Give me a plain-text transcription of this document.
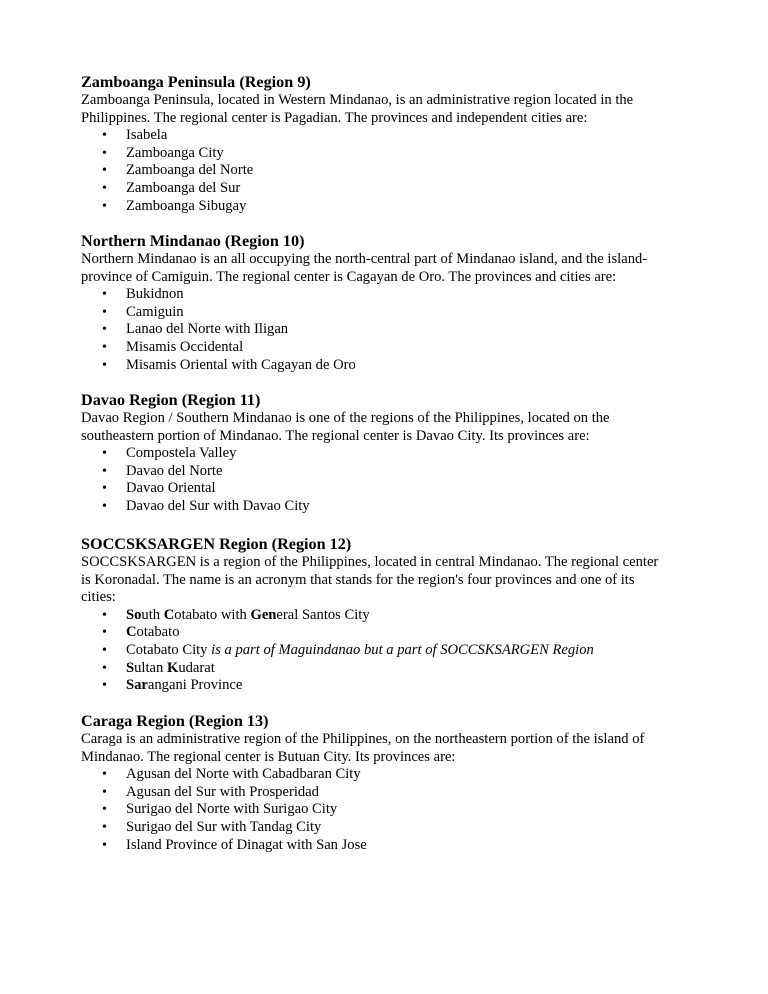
Zamboanga Peninsula (Region 9)

Zamboanga Peninsula, located in Western Mindanao, is an administrative region located in the
Philippines. The regional center is Pagadian. The provinces and independent cities are:

• Isabela
• Zamboanga City
• Zamboanga del Norte
• Zamboanga del Sur
• Zamboanga Sibugay

Northern Mindanao (Region 10)

Northern Mindanao is an all occupying the north-central part of Mindanao island, and the island-
province of Camiguin. The regional center is Cagayan de Oro. The provinces and cities are:

• Bukidnon
• Camiguin
• Lanao del Norte with Iligan
• Misamis Occidental
• Misamis Oriental with Cagayan de Oro

Davao Region (Region 11)

Davao Region / Southern Mindanao is one of the regions of the Philippines, located on the
southeastern portion of Mindanao. The regional center is Davao City. Its provinces are:

• Compostela Valley
• Davao del Norte
• Davao Oriental
• Davao del Sur with Davao City

SOCCSKSARGEN Region (Region 12)

SOCCSKSARGEN is a region of the Philippines, located in central Mindanao. The regional center
is Koronadal. The name is an acronym that stands for the region's four provinces and one of its
cities:

• South Cotabato with General Santos City
• Cotabato
• Cotabato City is a part of Maguindanao but a part of SOCCSKSARGEN Region
• Sultan Kudarat
• Sarangani Province

Caraga Region (Region 13)

Caraga is an administrative region of the Philippines, on the northeastern portion of the island of
Mindanao. The regional center is Butuan City. Its provinces are:

• Agusan del Norte with Cabadbaran City
• Agusan del Sur with Prosperidad
• Surigao del Norte with Surigao City
• Surigao del Sur with Tandag City
• Island Province of Dinagat with San Jose
